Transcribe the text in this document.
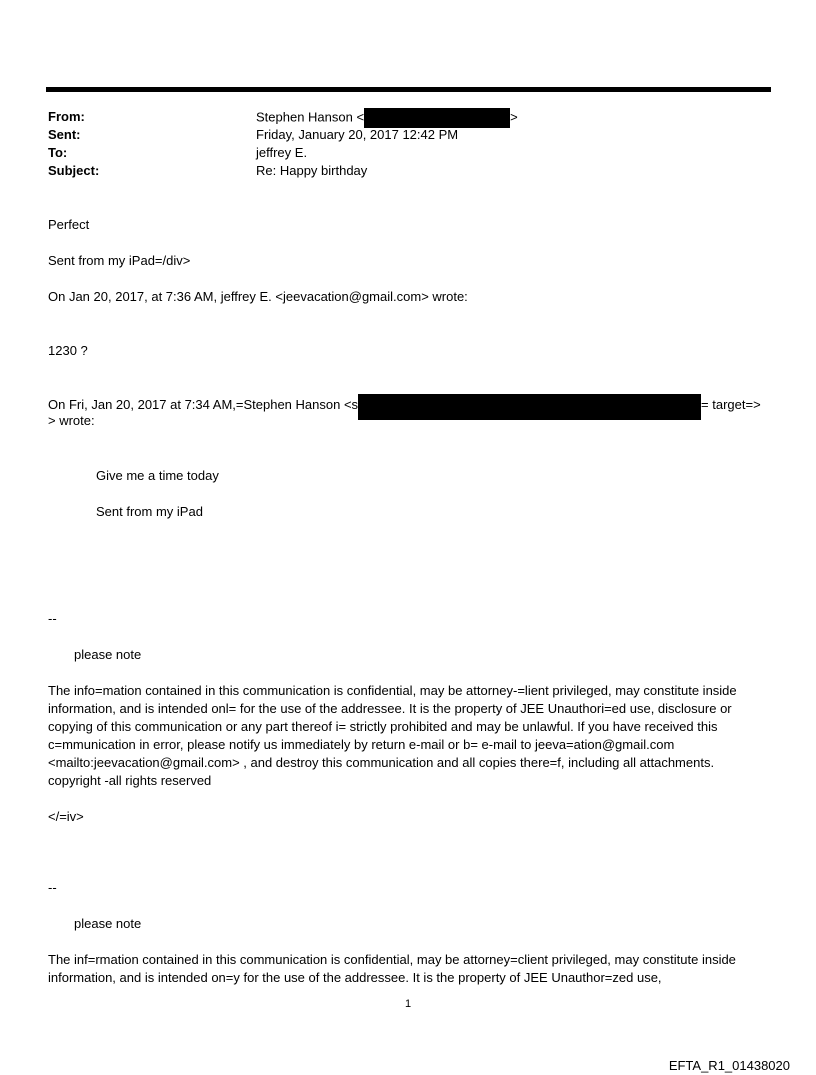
From:	Stephen Hanson <	>
Sent:	Friday, January 20, 2017 12:42 PM
To:	jeffrey E.
Subject:	Re: Happy birthday
Perfect
Sent from my iPad=/div>
On Jan 20, 2017, at 7:36 AM, jeffrey E. <jeevacation@gmail.com> wrote:
1230 ?
On Fri, Jan 20, 2017 at 7:34 AM,=Stephen Hanson <s	= target=>
> wrote:
Give me a time today
Sent from my iPad
--
please note
The info=mation contained in this communication is confidential, may be attorney-=lient privileged, may constitute inside information, and is intended onl= for the use of the addressee. It is the property of JEE Unauthori=ed use, disclosure or copying of this communication or any part thereof i= strictly prohibited and may be unlawful. If you have received this c=mmunication in error, please notify us immediately by return e-mail or b= e-mail to jeeva=ation@gmail.com <mailto:jeevacation@gmail.com> , and destroy this communication and all copies there=f, including all attachments. copyright -all rights reserved
</=iv>
--
please note
The inf=rmation contained in this communication is confidential, may be attorney=client privileged, may constitute inside information, and is intended on=y for the use of the addressee. It is the property of JEE Unauthor=zed use,
1
EFTA_R1_01438020
